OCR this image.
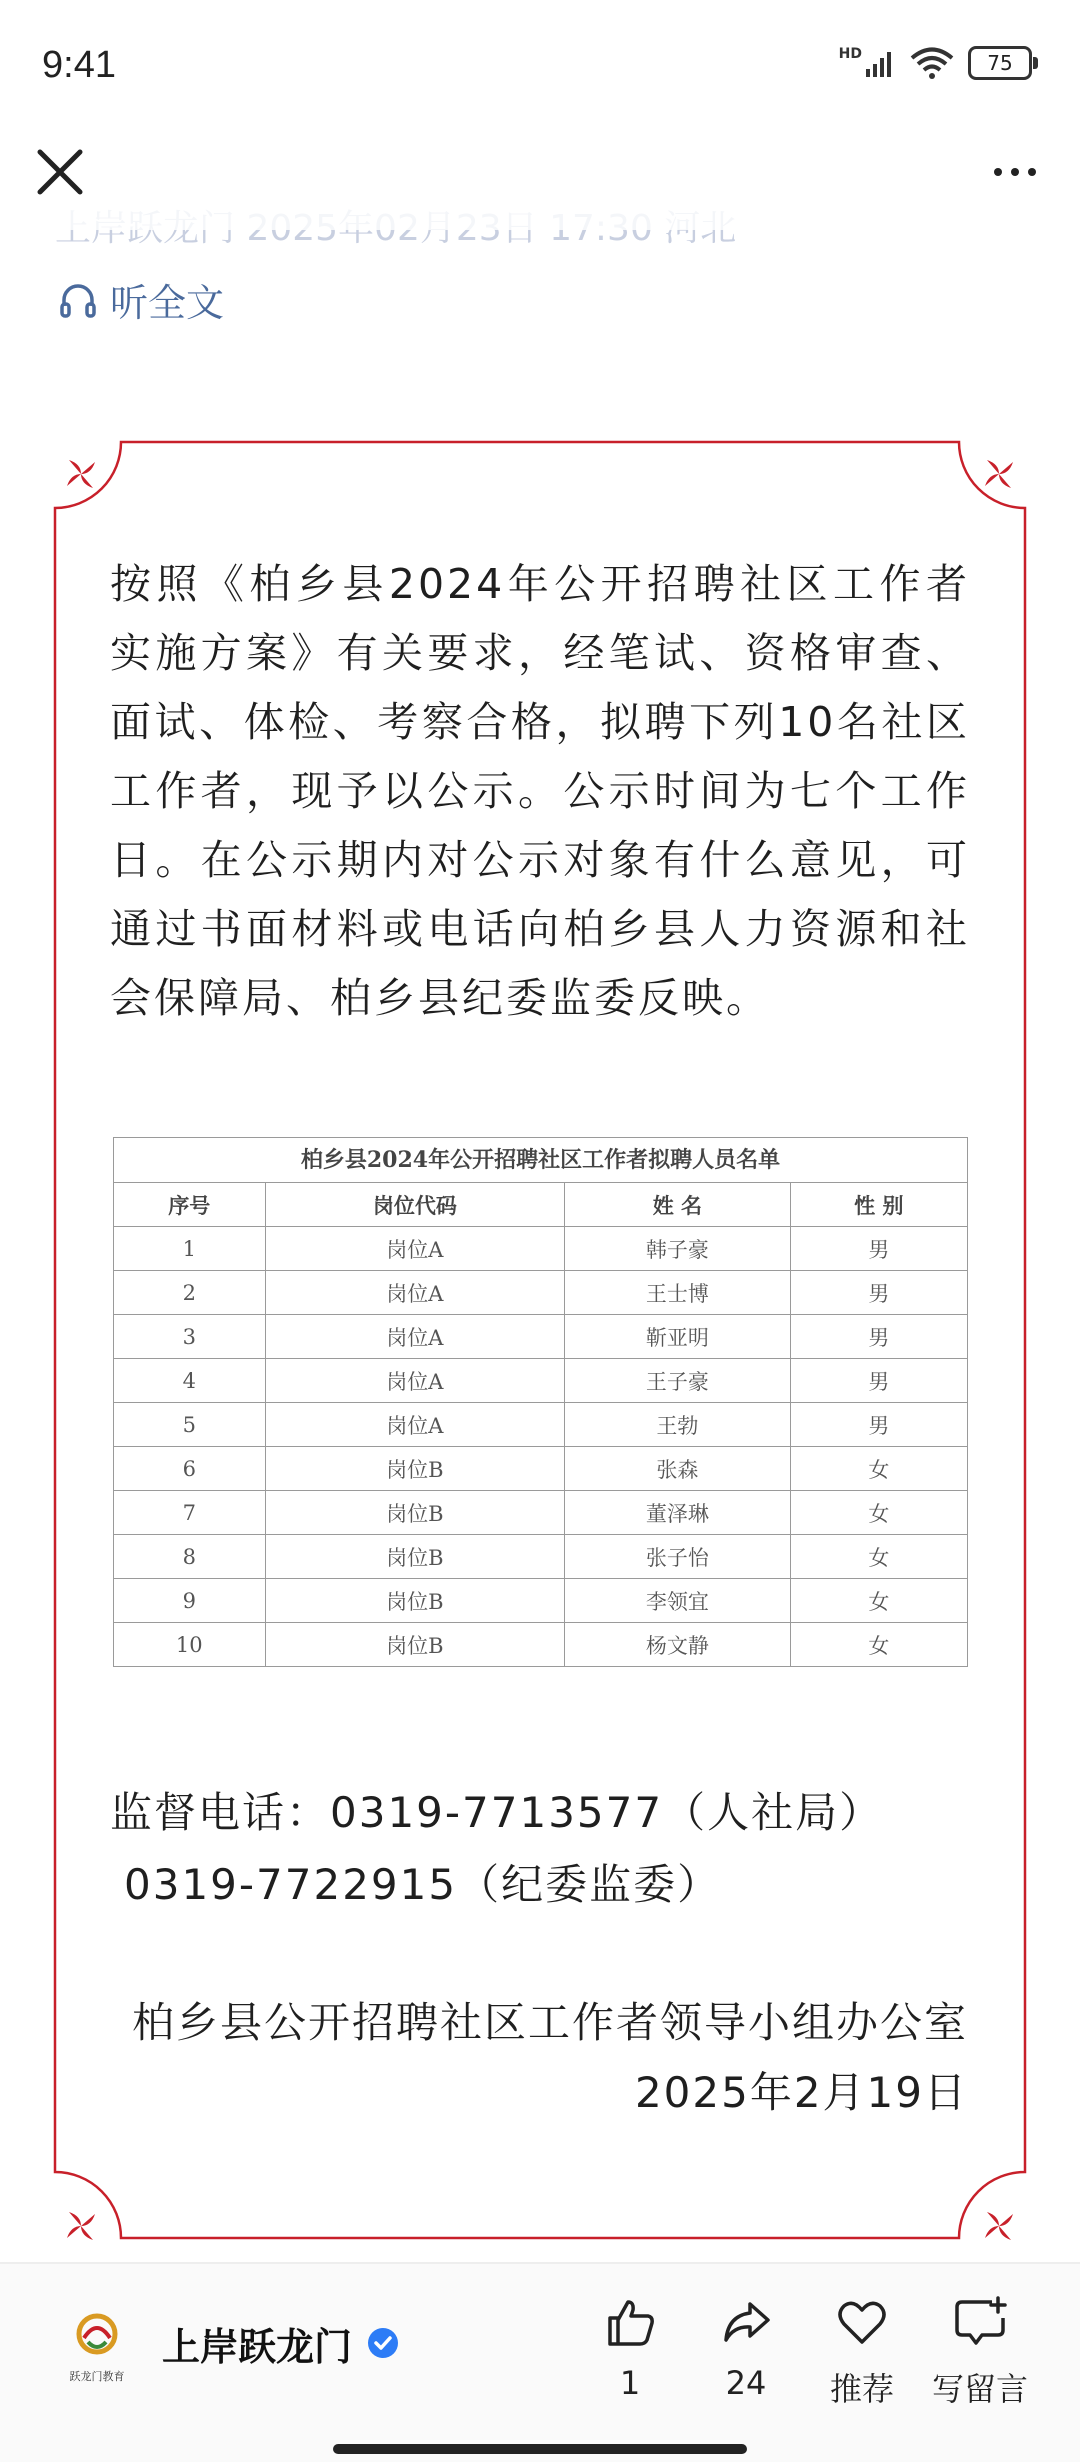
9:41	HD	75
听全文
按照《柏乡县2024年公开招聘社区工作者实施方案》有关要求，经笔试、资格审查、面试、体检、考察合格，拟聘下列10名社区工作者，现予以公示。公示时间为七个工作日。在公示期内对公示对象有什么意见，可通过书面材料或电话向柏乡县人力资源和社会保障局、柏乡县纪委监委反映。
柏乡县2024年公开招聘社区工作者拟聘人员名单
序号	岗位代码	姓 名	性 别
1	岗位A	韩子豪	男
2	岗位A	王士博	男
3	岗位A	靳亚明	男
4	岗位A	王子豪	男
5	岗位A	王勃	男
6	岗位B	张森	女
7	岗位B	董泽琳	女
8	岗位B	张子怡	女
9	岗位B	李领宜	女
10	岗位B	杨文静	女
监督电话：0319-7713577（人社局）
0319-7722915（纪委监委）
柏乡县公开招聘社区工作者领导小组办公室
2025年2月19日
跃龙门教育
上岸跃龙门
1	24	推荐	写留言
